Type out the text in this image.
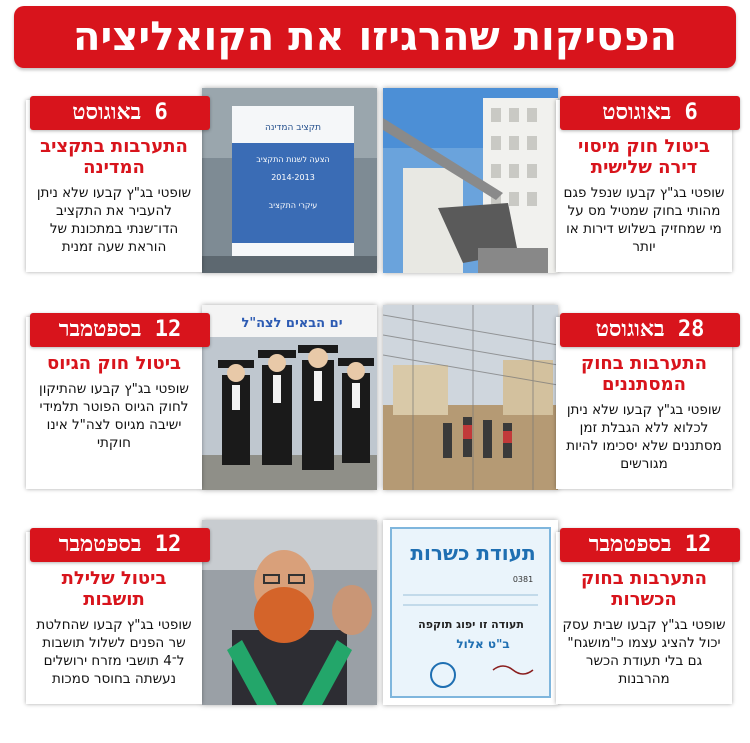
הפסיקות שהרגיזו את הקואליציה
6 באוגוסט
ביטול חוק מיסוי דירה שלישית
שופטי בג"ץ קבעו שנפל פגם מהותי בחוק שמטיל מס על מי שמחזיק בשלוש דירות או יותר
תקציב המדינה
הצעה לשנות התקציב
2014-2013
עיקרי התקציב
6 באוגוסט
התערבות בתקציב המדינה
שופטי בג"ץ קבעו שלא ניתן להעביר את התקציב הדו־שנתי במתכונת של הוראת שעה זמנית
28 באוגוסט
התערבות בחוק המסתננים
שופטי בג"ץ קבעו שלא ניתן לכלוא ללא הגבלת זמן מסתננים שלא יסכימו להיות מגורשים
ים הבאים לצה"ל
12 בספטמבר
ביטול חוק הגיוס
שופטי בג"ץ קבעו שהתיקון לחוק הגיוס הפוטר תלמידי ישיבה מגיוס לצה"ל אינו חוקתי
12 בספטמבר
ביטול שלילת תושבות
שופטי בג"ץ קבעו שהחלטת שר הפנים לשלול תושבות ל־4 תושבי מזרח ירושלים נעשתה בחוסר סמכות
תעודת כשרות
0381
תעודה זו יפוג תוקפה
ב"ט אלול
12 בספטמבר
התערבות בחוק הכשרות
שופטי בג"ץ קבעו שבית עסק יכול להציג עצמו כ"מושגח" גם בלי תעודת הכשר מהרבנות
